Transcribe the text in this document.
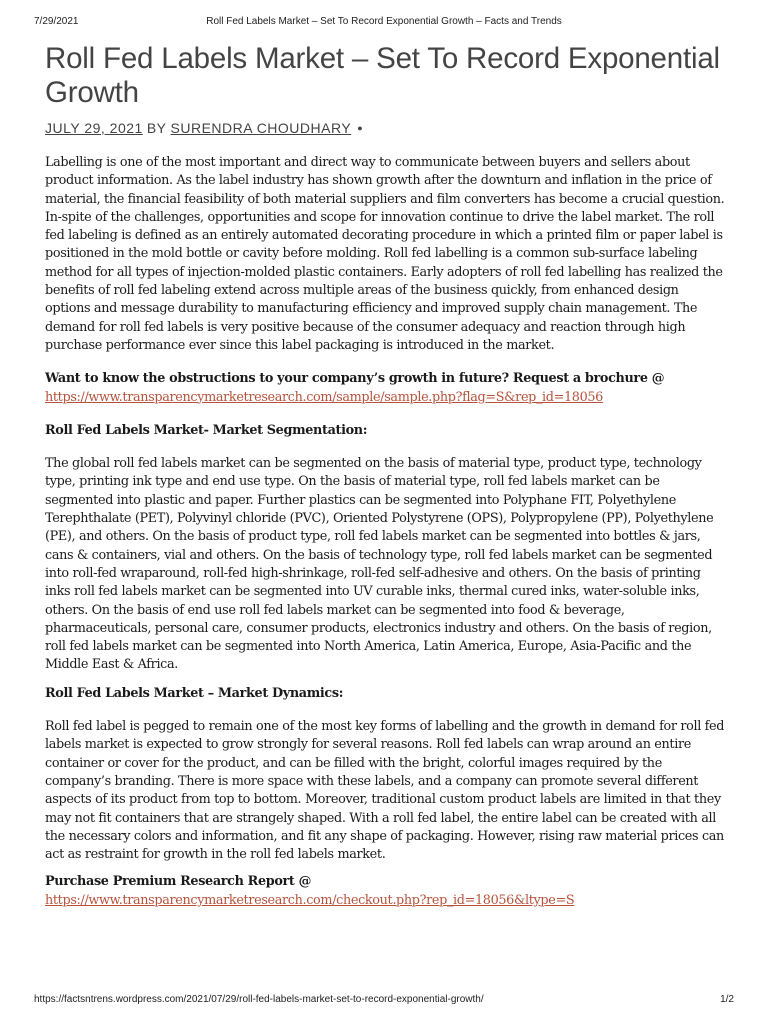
7/29/2021	Roll Fed Labels Market – Set To Record Exponential Growth – Facts and Trends
Roll Fed Labels Market – Set To Record Exponential Growth
JULY 29, 2021 BY SURENDRA CHOUDHARY ●

Labelling is one of the most important and direct way to communicate between buyers and sellers about product information. As the label industry has shown growth after the downturn and inflation in the price of material, the financial feasibility of both material suppliers and film converters has become a crucial question. In-spite of the challenges, opportunities and scope for innovation continue to drive the label market. The roll fed labeling is defined as an entirely automated decorating procedure in which a printed film or paper label is positioned in the mold bottle or cavity before molding. Roll fed labelling is a common sub-surface labeling method for all types of injection-molded plastic containers. Early adopters of roll fed labelling has realized the benefits of roll fed labeling extend across multiple areas of the business quickly, from enhanced design options and message durability to manufacturing efficiency and improved supply chain management. The demand for roll fed labels is very positive because of the consumer adequacy and reaction through high purchase performance ever since this label packaging is introduced in the market.

Want to know the obstructions to your company’s growth in future? Request a brochure @
https://www.transparencymarketresearch.com/sample/sample.php?flag=S&rep_id=18056

Roll Fed Labels Market- Market Segmentation:

The global roll fed labels market can be segmented on the basis of material type, product type, technology type, printing ink type and end use type. On the basis of material type, roll fed labels market can be segmented into plastic and paper. Further plastics can be segmented into Polyphane FIT, Polyethylene Terephthalate (PET), Polyvinyl chloride (PVC), Oriented Polystyrene (OPS), Polypropylene (PP), Polyethylene (PE), and others. On the basis of product type, roll fed labels market can be segmented into bottles & jars, cans & containers, vial and others. On the basis of technology type, roll fed labels market can be segmented into roll-fed wraparound, roll-fed high-shrinkage, roll-fed self-adhesive and others. On the basis of printing inks roll fed labels market can be segmented into UV curable inks, thermal cured inks, water-soluble inks, others. On the basis of end use roll fed labels market can be segmented into food & beverage, pharmaceuticals, personal care, consumer products, electronics industry and others. On the basis of region, roll fed labels market can be segmented into North America, Latin America, Europe, Asia-Pacific and the Middle East & Africa.

Roll Fed Labels Market – Market Dynamics:

Roll fed label is pegged to remain one of the most key forms of labelling and the growth in demand for roll fed labels market is expected to grow strongly for several reasons. Roll fed labels can wrap around an entire container or cover for the product, and can be filled with the bright, colorful images required by the company’s branding. There is more space with these labels, and a company can promote several different aspects of its product from top to bottom. Moreover, traditional custom product labels are limited in that they may not fit containers that are strangely shaped. With a roll fed label, the entire label can be created with all the necessary colors and information, and fit any shape of packaging. However, rising raw material prices can act as restraint for growth in the roll fed labels market.

Purchase Premium Research Report @
https://www.transparencymarketresearch.com/checkout.php?rep_id=18056&ltype=S

https://factsntrens.wordpress.com/2021/07/29/roll-fed-labels-market-set-to-record-exponential-growth/	1/2
